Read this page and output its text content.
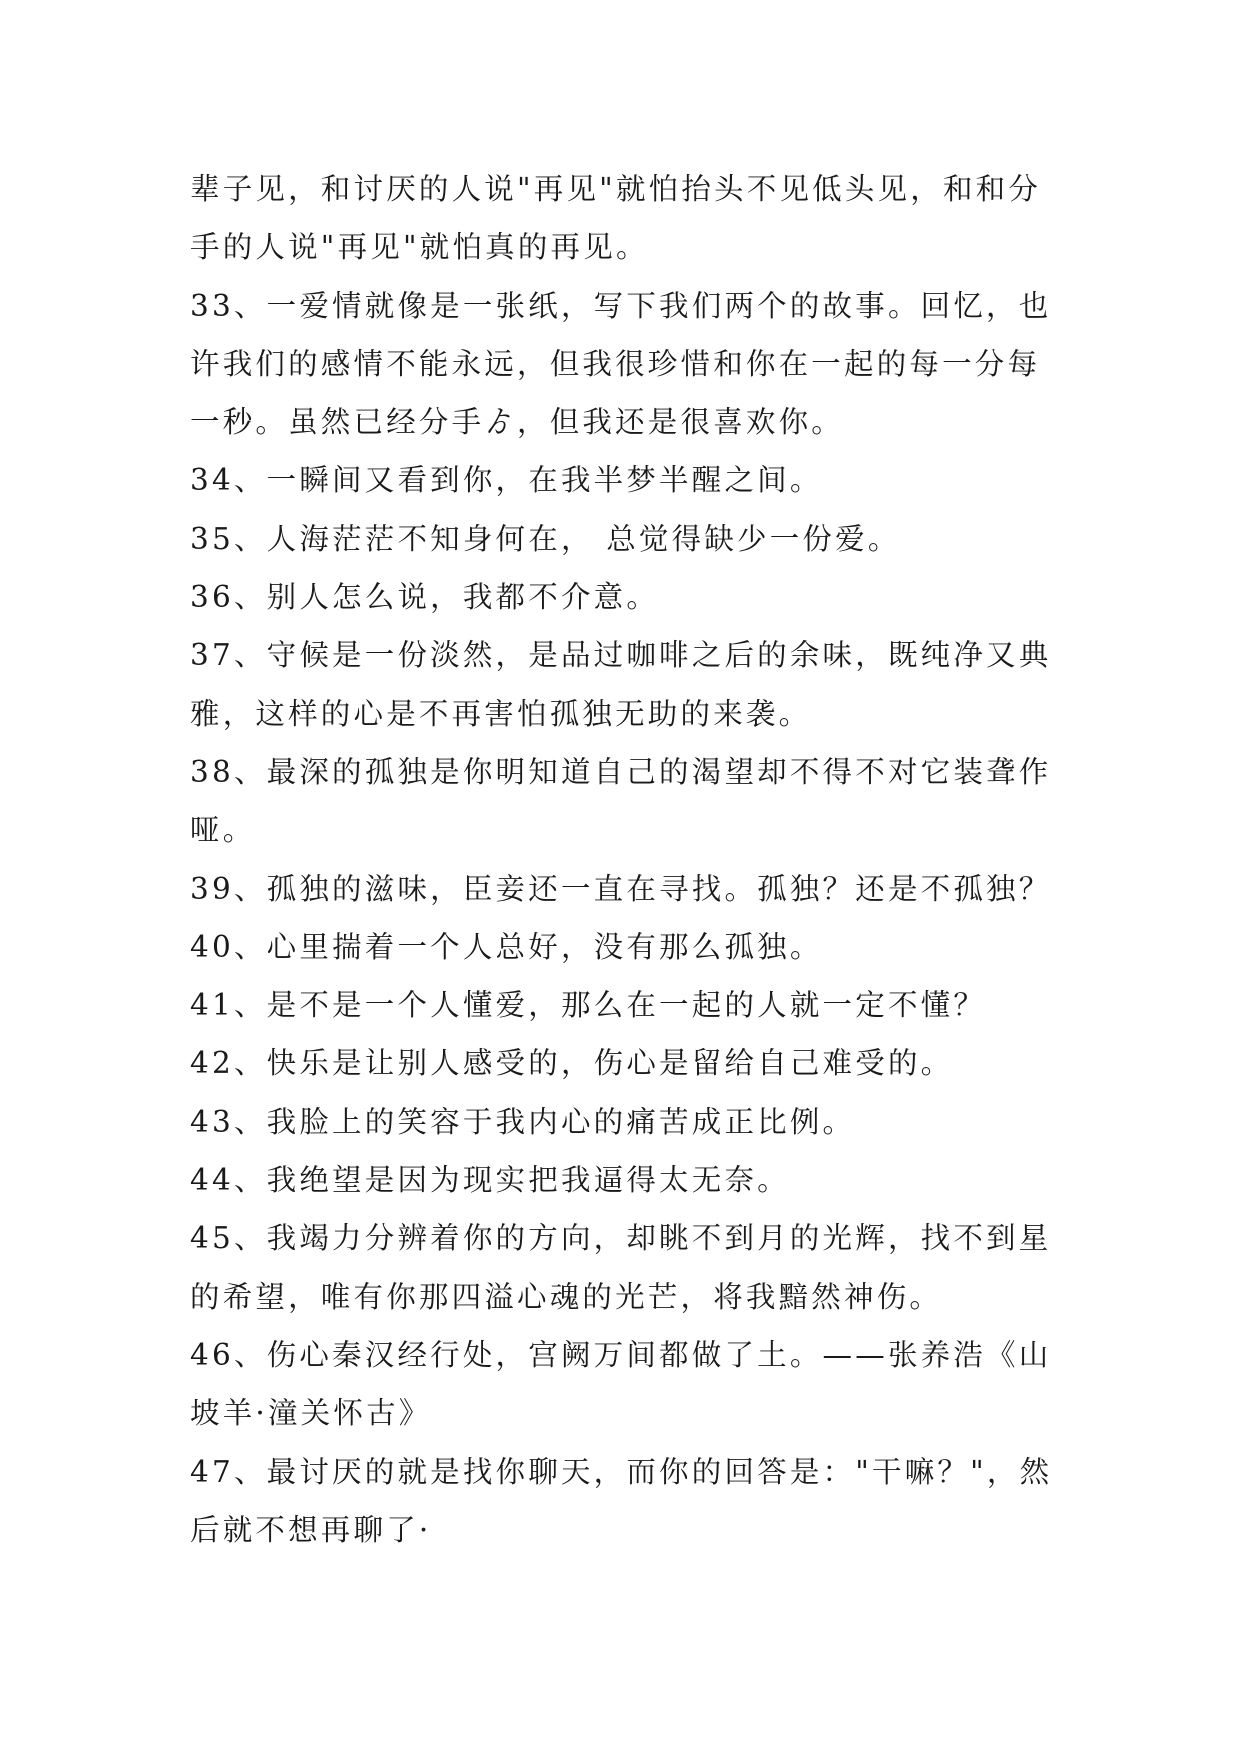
辈子见，和讨厌的人说"再见"就怕抬头不见低头见，和和分
手的人说"再见"就怕真的再见。
33、一爱情就像是一张纸，写下我们两个的故事。回忆，也
许我们的感情不能永远，但我很珍惜和你在一起的每一分每
一秒。虽然已经分手ゟ，但我还是很喜欢你。
34、一瞬间又看到你，在我半梦半醒之间。
35、人海茫茫不知身何在， 总觉得缺少一份爱。
36、别人怎么说，我都不介意。
37、守候是一份淡然，是品过咖啡之后的余味，既纯净又典
雅，这样的心是不再害怕孤独无助的来袭。
38、最深的孤独是你明知道自己的渴望却不得不对它装聋作
哑。
39、孤独的滋味，臣妾还一直在寻找。孤独？还是不孤独？
40、心里揣着一个人总好，没有那么孤独。
41、是不是一个人懂爱，那么在一起的人就一定不懂？
42、快乐是让别人感受的，伤心是留给自己难受的。
43、我脸上的笑容于我内心的痛苦成正比例。
44、我绝望是因为现实把我逼得太无奈。
45、我竭力分辨着你的方向，却眺不到月的光辉，找不到星
的希望，唯有你那四溢心魂的光芒，将我黯然神伤。
46、伤心秦汉经行处，宫阙万间都做了土。——张养浩《山
坡羊·潼关怀古》
47、最讨厌的就是找你聊天，而你的回答是："干嘛？"，然
后就不想再聊了·
